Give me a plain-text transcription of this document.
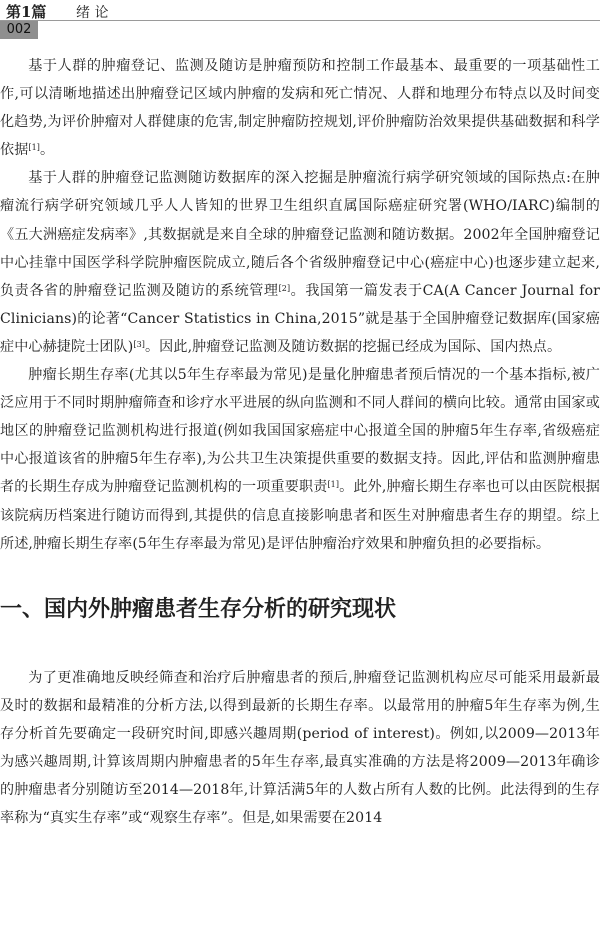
第1篇 绪 论
002

基于人群的肿瘤登记、监测及随访是肿瘤预防和控制工作最基本、最重要的一项基础性工作,可以清晰地描述出肿瘤登记区域内肿瘤的发病和死亡情况、人群和地理分布特点以及时间变化趋势,为评价肿瘤对人群健康的危害,制定肿瘤防控规划,评价肿瘤防治效果提供基础数据和科学依据[1]。

基于人群的肿瘤登记监测随访数据库的深入挖掘是肿瘤流行病学研究领域的国际热点:在肿瘤流行病学研究领域几乎人人皆知的世界卫生组织直属国际癌症研究署(WHO/IARC)编制的《五大洲癌症发病率》,其数据就是来自全球的肿瘤登记监测和随访数据。2002年全国肿瘤登记中心挂靠中国医学科学院肿瘤医院成立,随后各个省级肿瘤登记中心(癌症中心)也逐步建立起来,负责各省的肿瘤登记监测及随访的系统管理[2]。我国第一篇发表于CA(A Cancer Journal for Clinicians)的论著“Cancer Statistics in China,2015”就是基于全国肿瘤登记数据库(国家癌症中心赫捷院士团队)[3]。因此,肿瘤登记监测及随访数据的挖掘已经成为国际、国内热点。

肿瘤长期生存率(尤其以5年生存率最为常见)是量化肿瘤患者预后情况的一个基本指标,被广泛应用于不同时期肿瘤筛查和诊疗水平进展的纵向监测和不同人群间的横向比较。通常由国家或地区的肿瘤登记监测机构进行报道(例如我国国家癌症中心报道全国的肿瘤5年生存率,省级癌症中心报道该省的肿瘤5年生存率),为公共卫生决策提供重要的数据支持。因此,评估和监测肿瘤患者的长期生存成为肿瘤登记监测机构的一项重要职责[1]。此外,肿瘤长期生存率也可以由医院根据该院病历档案进行随访而得到,其提供的信息直接影响患者和医生对肿瘤患者生存的期望。综上所述,肿瘤长期生存率(5年生存率最为常见)是评估肿瘤治疗效果和肿瘤负担的必要指标。

一、国内外肿瘤患者生存分析的研究现状

为了更准确地反映经筛查和治疗后肿瘤患者的预后,肿瘤登记监测机构应尽可能采用最新最及时的数据和最精准的分析方法,以得到最新的长期生存率。以最常用的肿瘤5年生存率为例,生存分析首先要确定一段研究时间,即感兴趣周期(period of interest)。例如,以2009—2013年为感兴趣周期,计算该周期内肿瘤患者的5年生存率,最真实准确的方法是将2009—2013年确诊的肿瘤患者分别随访至2014—2018年,计算活满5年的人数占所有人数的比例。此法得到的生存率称为“真实生存率”或“观察生存率”。但是,如果需要在2014
